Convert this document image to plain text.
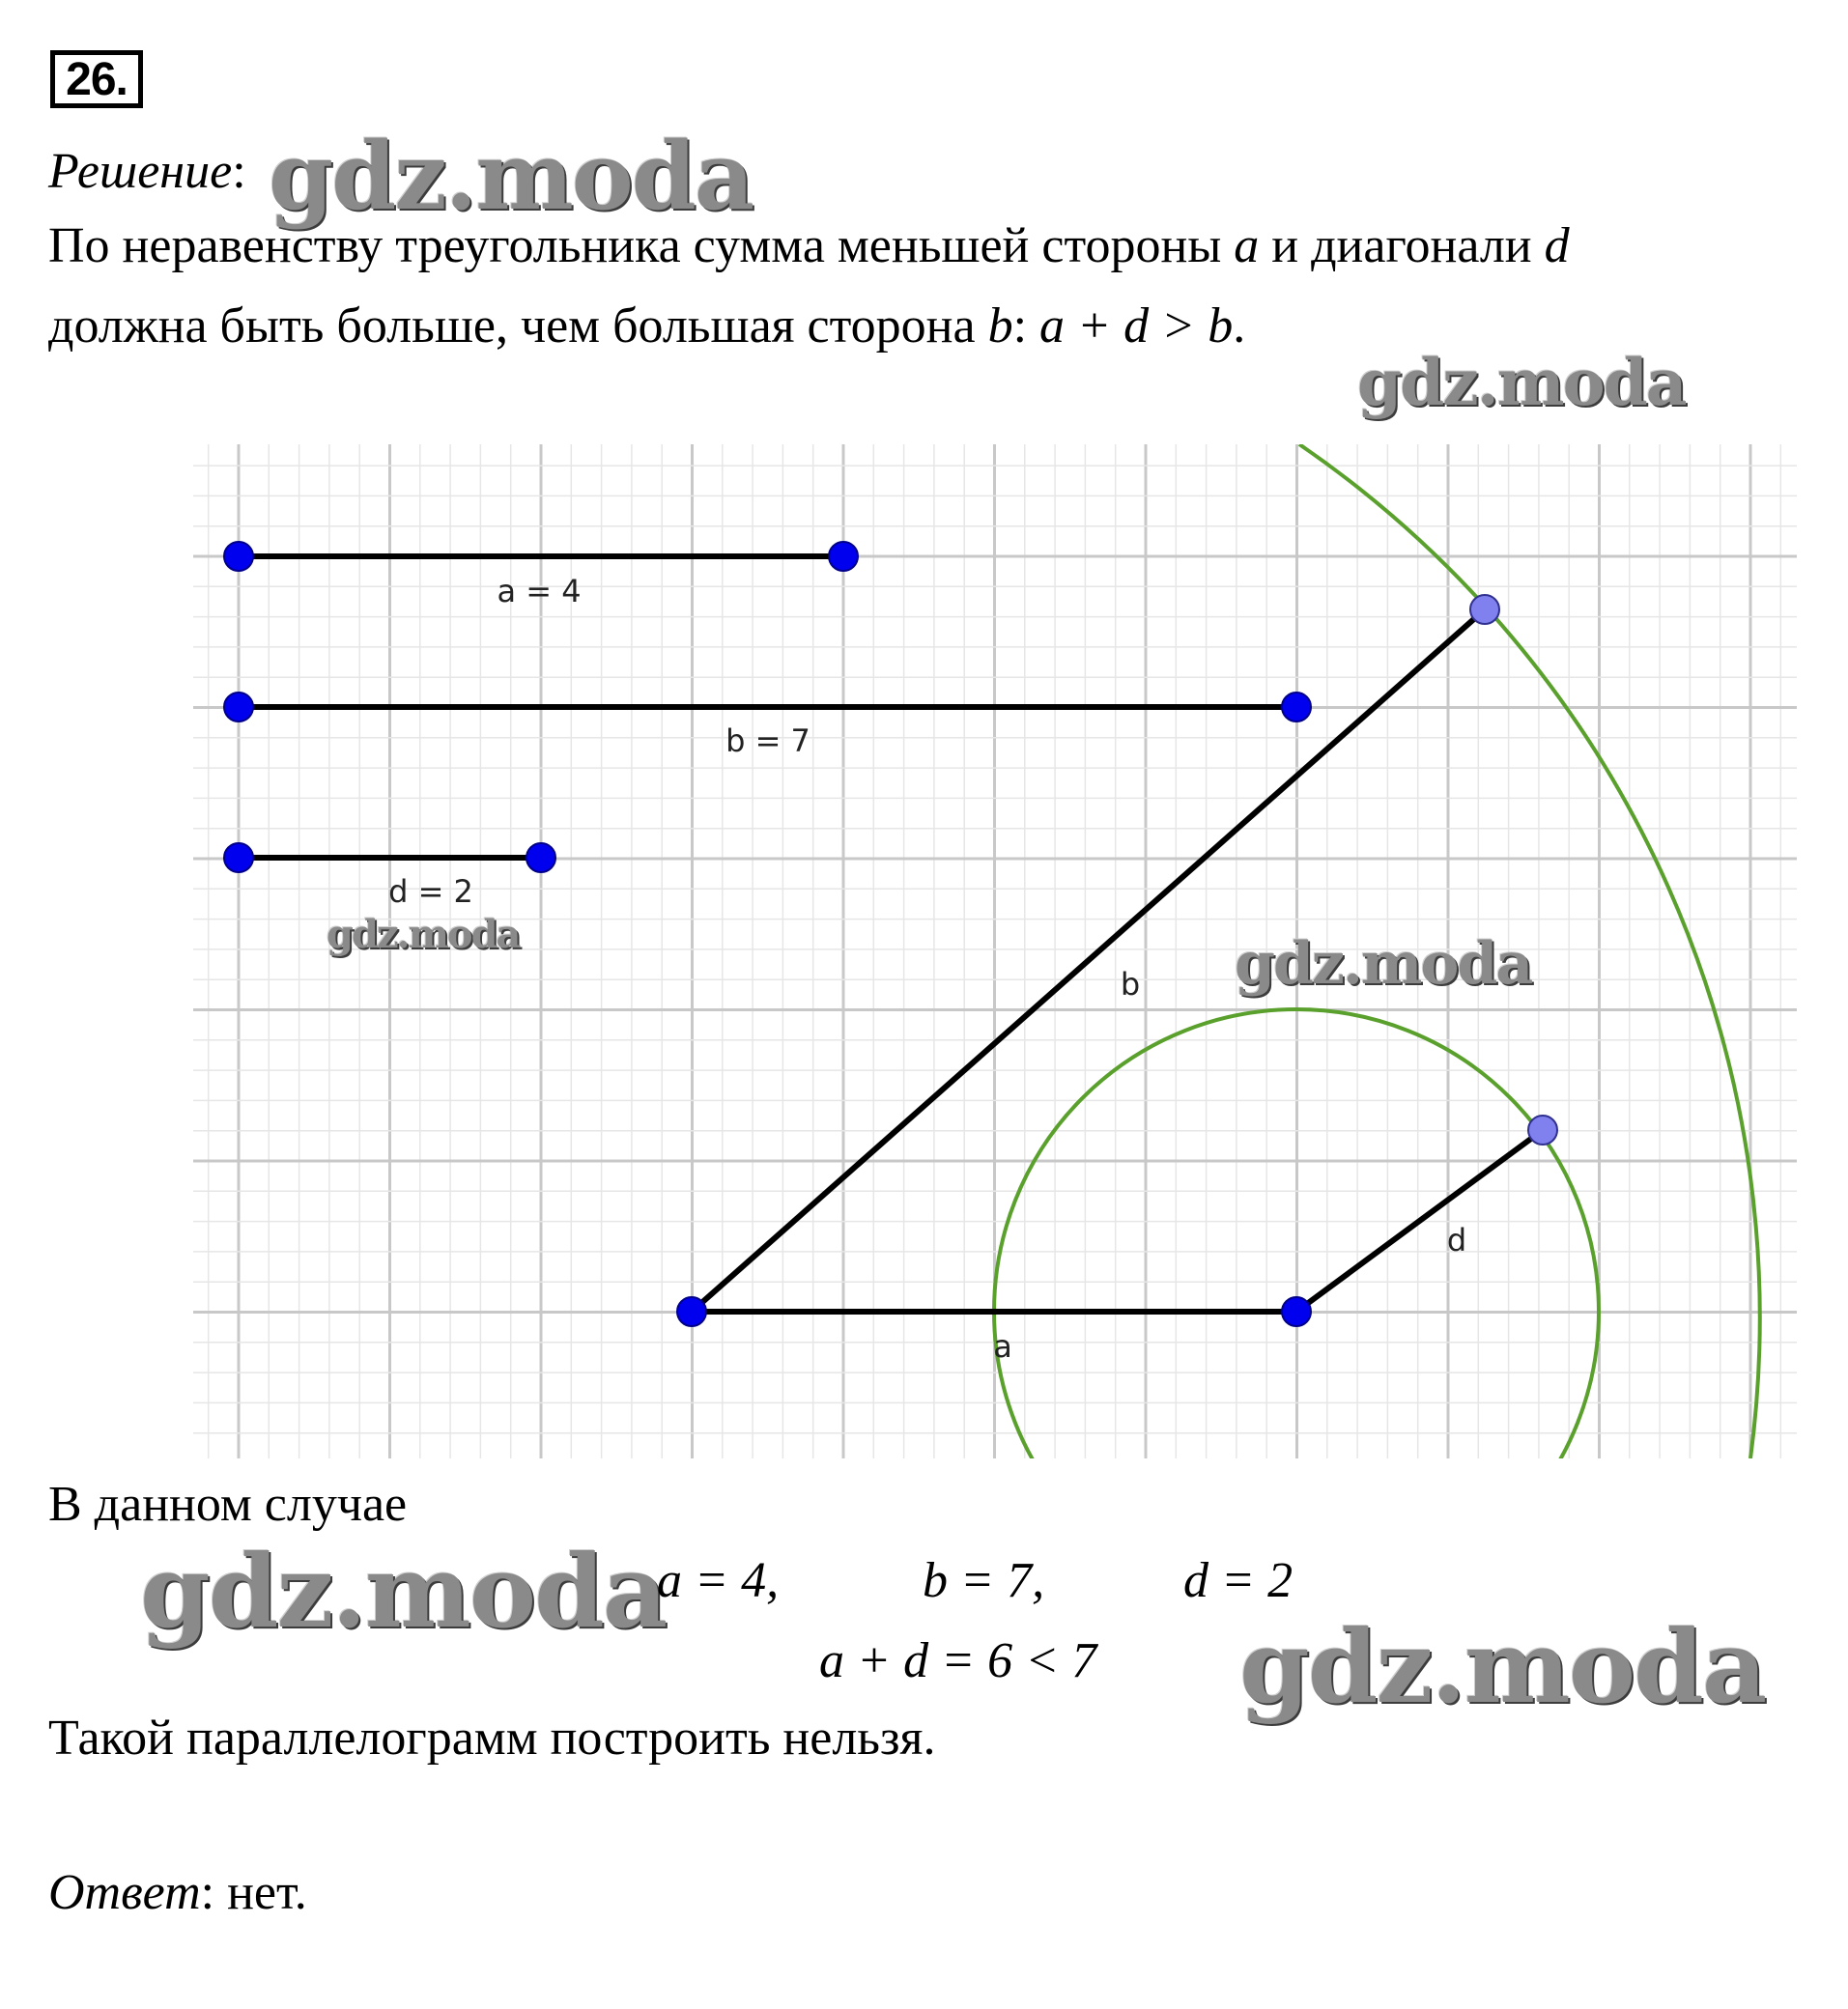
26.
Решение: gdz.moda
По неравенству треугольника сумма меньшей стороны a и диагонали d
должна быть больше, чем большая сторона b: a + d > b.
gdz.moda
a = 4
b = 7
d = 2
b
a
d
gdz.moda	gdz.moda
В данном случае
gdz.moda
a = 4,	b = 7,	d = 2
a + d = 6 < 7 gdz.moda
Такой параллелограмм построить нельзя.
Ответ: нет.
